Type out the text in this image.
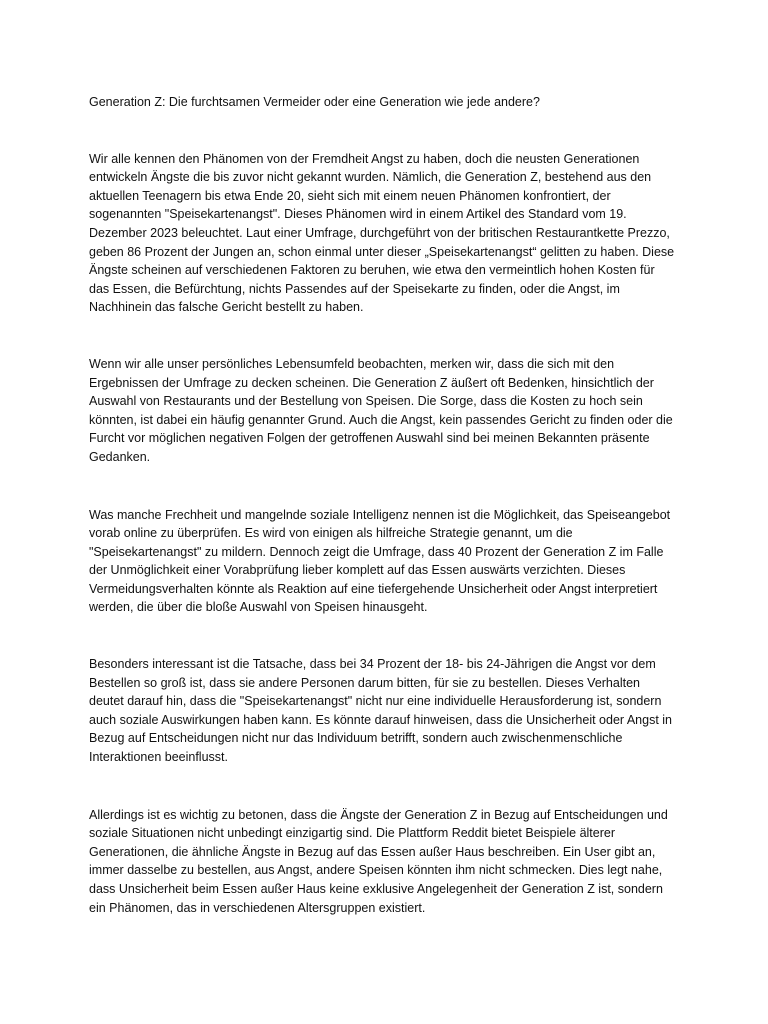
Generation Z: Die furchtsamen Vermeider oder eine Generation wie jede andere?

Wir alle kennen den Phänomen von der Fremdheit Angst zu haben, doch die neusten Generationen
entwickeln Ängste die bis zuvor nicht gekannt wurden. Nämlich, die Generation Z, bestehend aus den
aktuellen Teenagern bis etwa Ende 20, sieht sich mit einem neuen Phänomen konfrontiert, der
sogenannten "Speisekartenangst". Dieses Phänomen wird in einem Artikel des Standard vom 19.
Dezember 2023 beleuchtet. Laut einer Umfrage, durchgeführt von der britischen Restaurantkette Prezzo,
geben 86 Prozent der Jungen an, schon einmal unter dieser „Speisekartenangst“ gelitten zu haben. Diese
Ängste scheinen auf verschiedenen Faktoren zu beruhen, wie etwa den vermeintlich hohen Kosten für
das Essen, die Befürchtung, nichts Passendes auf der Speisekarte zu finden, oder die Angst, im
Nachhinein das falsche Gericht bestellt zu haben.

Wenn wir alle unser persönliches Lebensumfeld beobachten, merken wir, dass die sich mit den
Ergebnissen der Umfrage zu decken scheinen. Die Generation Z äußert oft Bedenken, hinsichtlich der
Auswahl von Restaurants und der Bestellung von Speisen. Die Sorge, dass die Kosten zu hoch sein
könnten, ist dabei ein häufig genannter Grund. Auch die Angst, kein passendes Gericht zu finden oder die
Furcht vor möglichen negativen Folgen der getroffenen Auswahl sind bei meinen Bekannten präsente
Gedanken.

Was manche Frechheit und mangelnde soziale Intelligenz nennen ist die Möglichkeit, das Speiseangebot
vorab online zu überprüfen. Es wird von einigen als hilfreiche Strategie genannt, um die
"Speisekartenangst" zu mildern. Dennoch zeigt die Umfrage, dass 40 Prozent der Generation Z im Falle
der Unmöglichkeit einer Vorabprüfung lieber komplett auf das Essen auswärts verzichten. Dieses
Vermeidungsverhalten könnte als Reaktion auf eine tiefergehende Unsicherheit oder Angst interpretiert
werden, die über die bloße Auswahl von Speisen hinausgeht.

Besonders interessant ist die Tatsache, dass bei 34 Prozent der 18- bis 24-Jährigen die Angst vor dem
Bestellen so groß ist, dass sie andere Personen darum bitten, für sie zu bestellen. Dieses Verhalten
deutet darauf hin, dass die "Speisekartenangst" nicht nur eine individuelle Herausforderung ist, sondern
auch soziale Auswirkungen haben kann. Es könnte darauf hinweisen, dass die Unsicherheit oder Angst in
Bezug auf Entscheidungen nicht nur das Individuum betrifft, sondern auch zwischenmenschliche
Interaktionen beeinflusst.

Allerdings ist es wichtig zu betonen, dass die Ängste der Generation Z in Bezug auf Entscheidungen und
soziale Situationen nicht unbedingt einzigartig sind. Die Plattform Reddit bietet Beispiele älterer
Generationen, die ähnliche Ängste in Bezug auf das Essen außer Haus beschreiben. Ein User gibt an,
immer dasselbe zu bestellen, aus Angst, andere Speisen könnten ihm nicht schmecken. Dies legt nahe,
dass Unsicherheit beim Essen außer Haus keine exklusive Angelegenheit der Generation Z ist, sondern
ein Phänomen, das in verschiedenen Altersgruppen existiert.
